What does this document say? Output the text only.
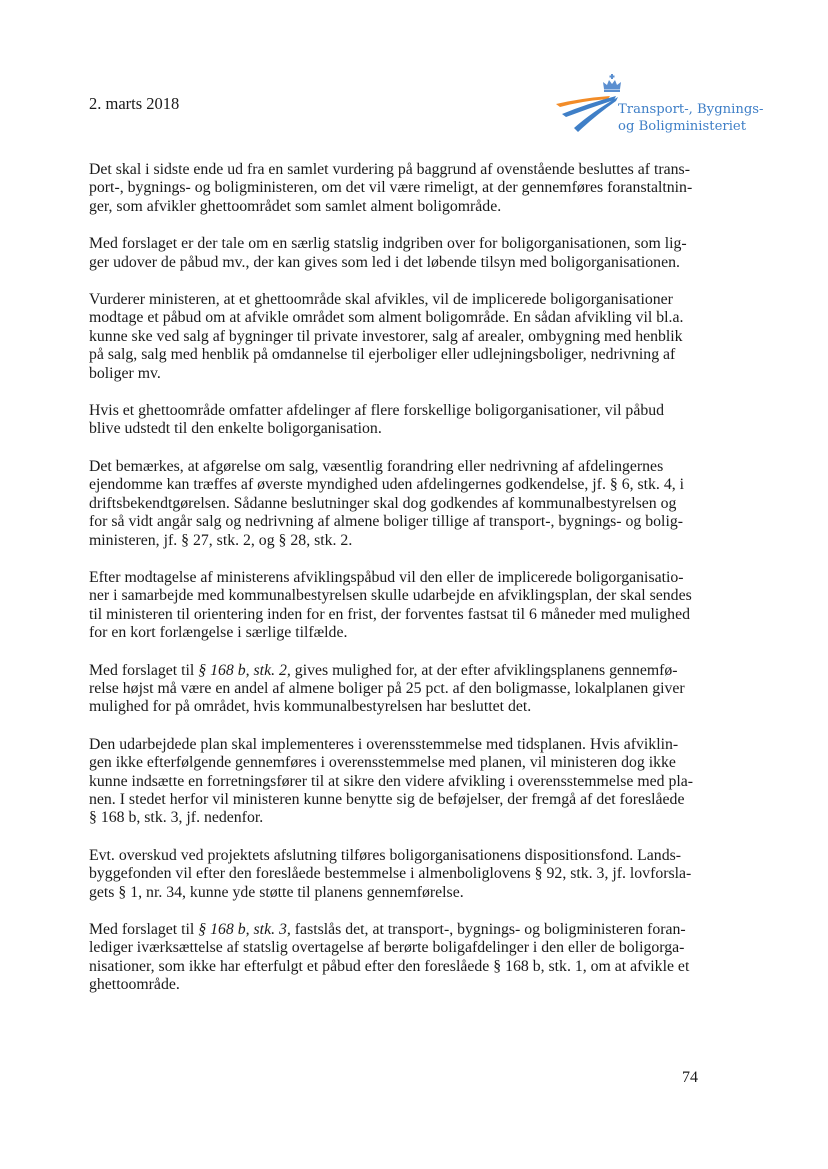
2. marts 2018	Transport-, Bygnings-
og Boligministeriet
Det skal i sidste ende ud fra en samlet vurdering på baggrund af ovenstående besluttes af trans-
port-, bygnings- og boligministeren, om det vil være rimeligt, at der gennemføres foranstaltnin-
ger, som afvikler ghettoområdet som samlet alment boligområde.
Med forslaget er der tale om en særlig statslig indgriben over for boligorganisationen, som lig-
ger udover de påbud mv., der kan gives som led i det løbende tilsyn med boligorganisationen.
Vurderer ministeren, at et ghettoområde skal afvikles, vil de implicerede boligorganisationer
modtage et påbud om at afvikle området som alment boligområde. En sådan afvikling vil bl.a.
kunne ske ved salg af bygninger til private investorer, salg af arealer, ombygning med henblik
på salg, salg med henblik på omdannelse til ejerboliger eller udlejningsboliger, nedrivning af
boliger mv.
Hvis et ghettoområde omfatter afdelinger af flere forskellige boligorganisationer, vil påbud
blive udstedt til den enkelte boligorganisation.
Det bemærkes, at afgørelse om salg, væsentlig forandring eller nedrivning af afdelingernes
ejendomme kan træffes af øverste myndighed uden afdelingernes godkendelse, jf. § 6, stk. 4, i
driftsbekendtgørelsen. Sådanne beslutninger skal dog godkendes af kommunalbestyrelsen og
for så vidt angår salg og nedrivning af almene boliger tillige af transport-, bygnings- og bolig-
ministeren, jf. § 27, stk. 2, og § 28, stk. 2.
Efter modtagelse af ministerens afviklingspåbud vil den eller de implicerede boligorganisatio-
ner i samarbejde med kommunalbestyrelsen skulle udarbejde en afviklingsplan, der skal sendes
til ministeren til orientering inden for en frist, der forventes fastsat til 6 måneder med mulighed
for en kort forlængelse i særlige tilfælde.
Med forslaget til § 168 b, stk. 2, gives mulighed for, at der efter afviklingsplanens gennemfø-
relse højst må være en andel af almene boliger på 25 pct. af den boligmasse, lokalplanen giver
mulighed for på området, hvis kommunalbestyrelsen har besluttet det.
Den udarbejdede plan skal implementeres i overensstemmelse med tidsplanen. Hvis afviklin-
gen ikke efterfølgende gennemføres i overensstemmelse med planen, vil ministeren dog ikke
kunne indsætte en forretningsfører til at sikre den videre afvikling i overensstemmelse med pla-
nen. I stedet herfor vil ministeren kunne benytte sig de beføjelser, der fremgå af det foreslåede
§ 168 b, stk. 3, jf. nedenfor.
Evt. overskud ved projektets afslutning tilføres boligorganisationens dispositionsfond. Lands-
byggefonden vil efter den foreslåede bestemmelse i almenboliglovens § 92, stk. 3, jf. lovforsla-
gets § 1, nr. 34, kunne yde støtte til planens gennemførelse.
Med forslaget til § 168 b, stk. 3, fastslås det, at transport-, bygnings- og boligministeren foran-
lediger iværksættelse af statslig overtagelse af berørte boligafdelinger i den eller de boligorga-
nisationer, som ikke har efterfulgt et påbud efter den foreslåede § 168 b, stk. 1, om at afvikle et
ghettoområde.
74
